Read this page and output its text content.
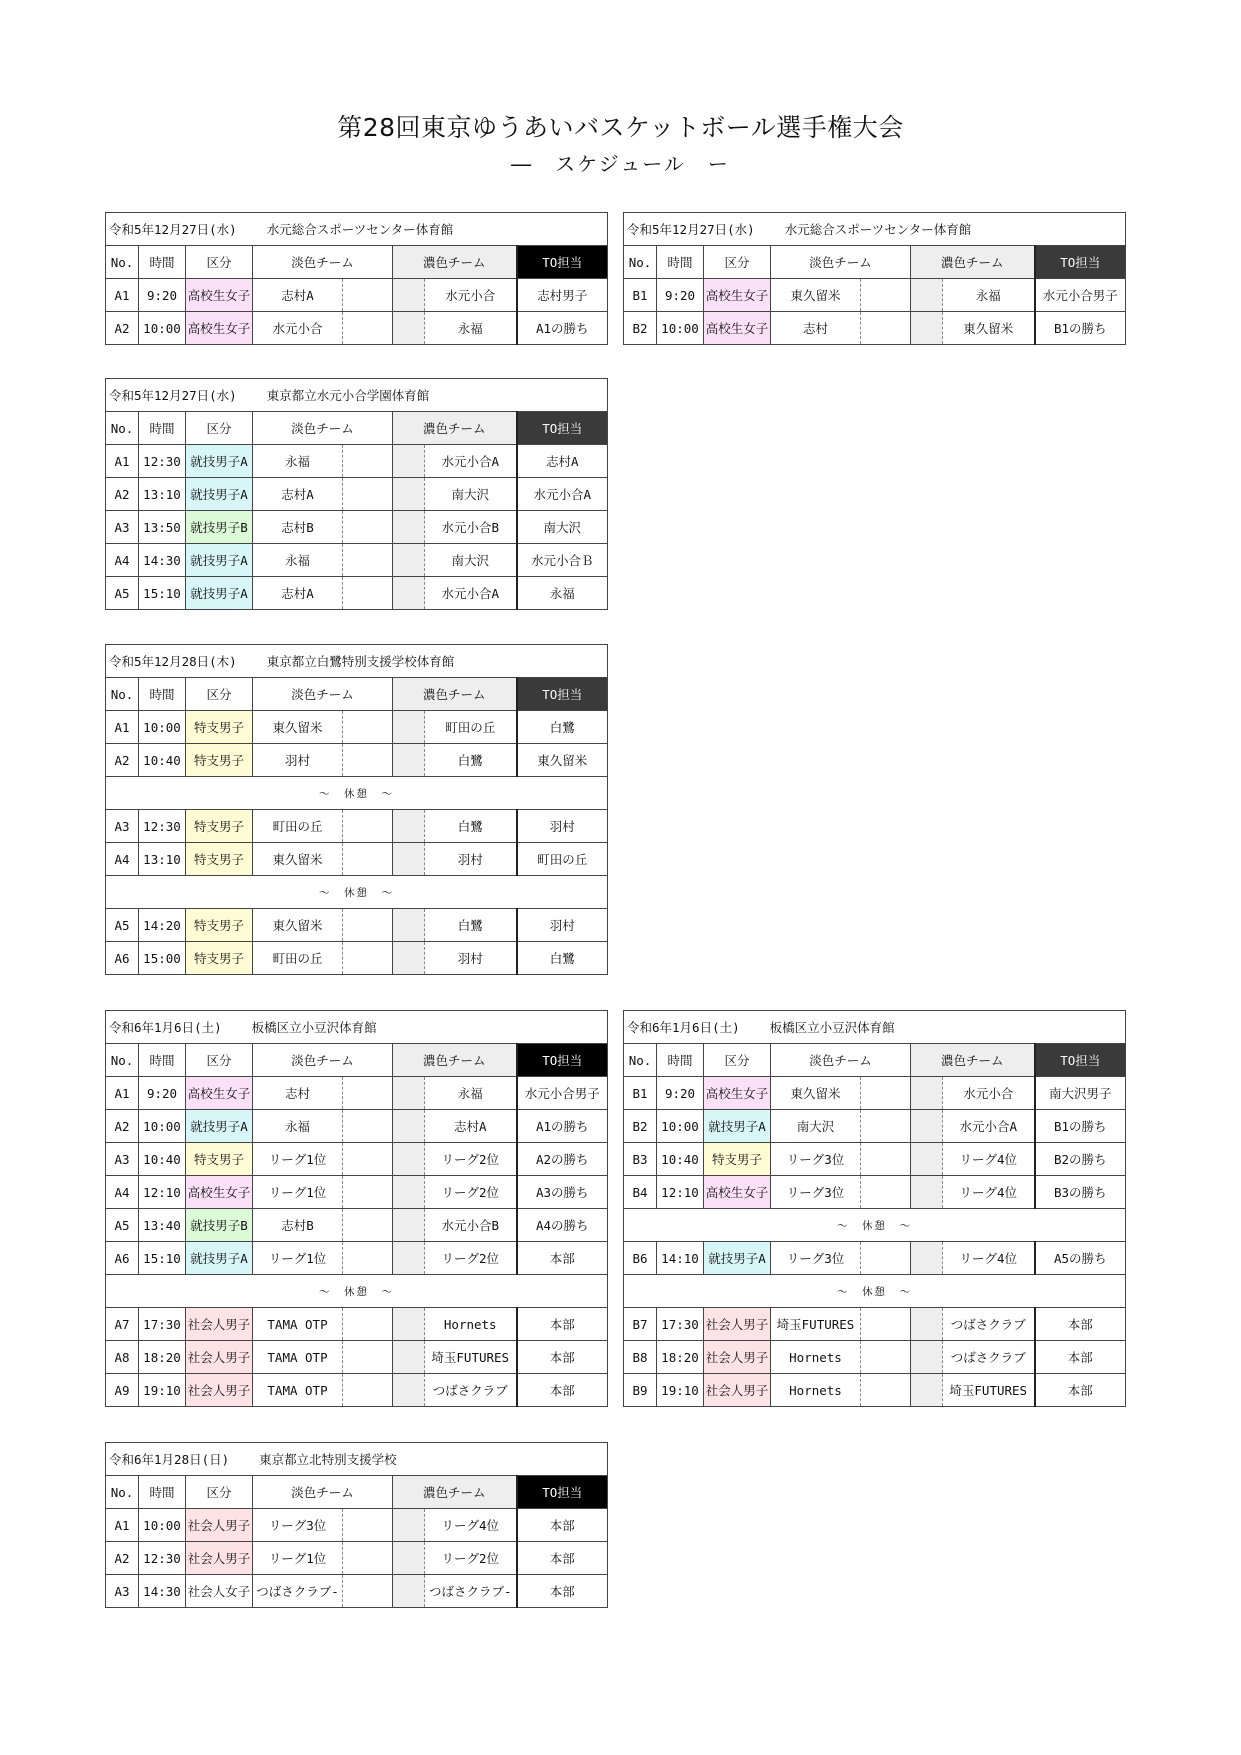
第28回東京ゆうあいバスケットボール選手権大会
―　スケジュール　ー
令和5年12月27日(水) 水元総合スポーツセンター体育館							
No.	時間	区分	淡色チーム		濃色チーム		TO担当
A1	9:20	高校生女子	志村A			水元小合	志村男子
A2	10:00	高校生女子	水元小合			永福	A1の勝ち
令和5年12月27日(水) 水元総合スポーツセンター体育館							
No.	時間	区分	淡色チーム		濃色チーム		TO担当
B1	9:20	高校生女子	東久留米			永福	水元小合男子
B2	10:00	高校生女子	志村			東久留米	B1の勝ち
令和5年12月27日(水) 東京都立水元小合学園体育館							
No.	時間	区分	淡色チーム		濃色チーム		TO担当
A1	12:30	就技男子A	永福			水元小合A	志村A
A2	13:10	就技男子A	志村A			南大沢	水元小合A
A3	13:50	就技男子B	志村B			水元小合B	南大沢
A4	14:30	就技男子A	永福			南大沢	水元小合Ｂ
A5	15:10	就技男子A	志村A			水元小合A	永福
令和5年12月28日(木) 東京都立白鷺特別支援学校体育館							
No.	時間	区分	淡色チーム		濃色チーム		TO担当
A1	10:00	特支男子	東久留米			町田の丘	白鷺
A2	10:40	特支男子	羽村			白鷺	東久留米
～　休憩　～							
A3	12:30	特支男子	町田の丘			白鷺	羽村
A4	13:10	特支男子	東久留米			羽村	町田の丘
～　休憩　～							
A5	14:20	特支男子	東久留米			白鷺	羽村
A6	15:00	特支男子	町田の丘			羽村	白鷺
令和6年1月6日(土) 板橋区立小豆沢体育館							
No.	時間	区分	淡色チーム		濃色チーム		TO担当
A1	9:20	高校生女子	志村			永福	水元小合男子
A2	10:00	就技男子A	永福			志村A	A1の勝ち
A3	10:40	特支男子	リーグ1位			リーグ2位	A2の勝ち
A4	12:10	高校生女子	リーグ1位			リーグ2位	A3の勝ち
A5	13:40	就技男子B	志村B			水元小合B	A4の勝ち
A6	15:10	就技男子A	リーグ1位			リーグ2位	本部
～　休憩　～							
A7	17:30	社会人男子	TAMA OTP			Hornets	本部
A8	18:20	社会人男子	TAMA OTP			埼玉FUTURES	本部
A9	19:10	社会人男子	TAMA OTP			つばさクラブ	本部
令和6年1月6日(土) 板橋区立小豆沢体育館							
No.	時間	区分	淡色チーム		濃色チーム		TO担当
B1	9:20	高校生女子	東久留米			水元小合	南大沢男子
B2	10:00	就技男子A	南大沢			水元小合A	B1の勝ち
B3	10:40	特支男子	リーグ3位			リーグ4位	B2の勝ち
B4	12:10	高校生女子	リーグ3位			リーグ4位	B3の勝ち
～　休憩　～							
B6	14:10	就技男子A	リーグ3位			リーグ4位	A5の勝ち
～　休憩　～							
B7	17:30	社会人男子	埼玉FUTURES			つばさクラブ	本部
B8	18:20	社会人男子	Hornets			つばさクラブ	本部
B9	19:10	社会人男子	Hornets			埼玉FUTURES	本部
令和6年1月28日(日) 東京都立北特別支援学校							
No.	時間	区分	淡色チーム		濃色チーム		TO担当
A1	10:00	社会人男子	リーグ3位			リーグ4位	本部
A2	12:30	社会人男子	リーグ1位			リーグ2位	本部
A3	14:30	社会人女子	つばさクラブ-			つばさクラブ-	本部
